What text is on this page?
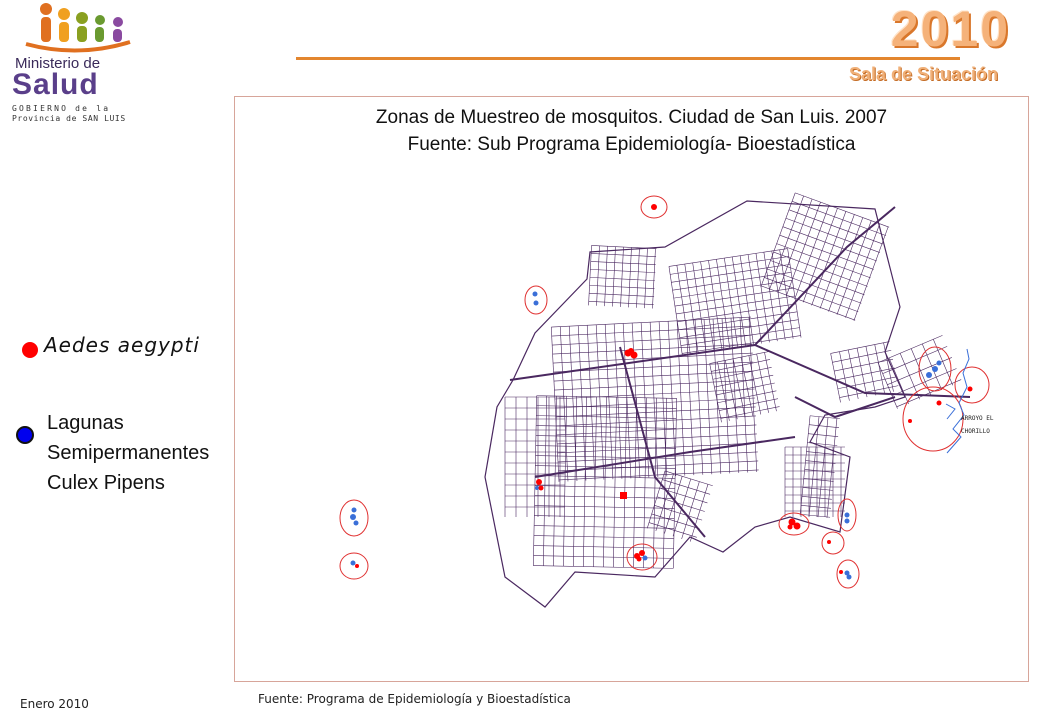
Ministerio de
Salud
GOBIERNO de la
Provincia de SAN LUIS
2010
Sala de Situación
Zonas de Muestreo de mosquitos. Ciudad de San Luis. 2007
Fuente: Sub Programa Epidemiología- Bioestadística
ARROYO EL
CHORILLO
Aedes aegypti
Lagunas
Semipermanentes
Culex Pipens
Enero 2010	Fuente: Programa de Epidemiología y Bioestadística
